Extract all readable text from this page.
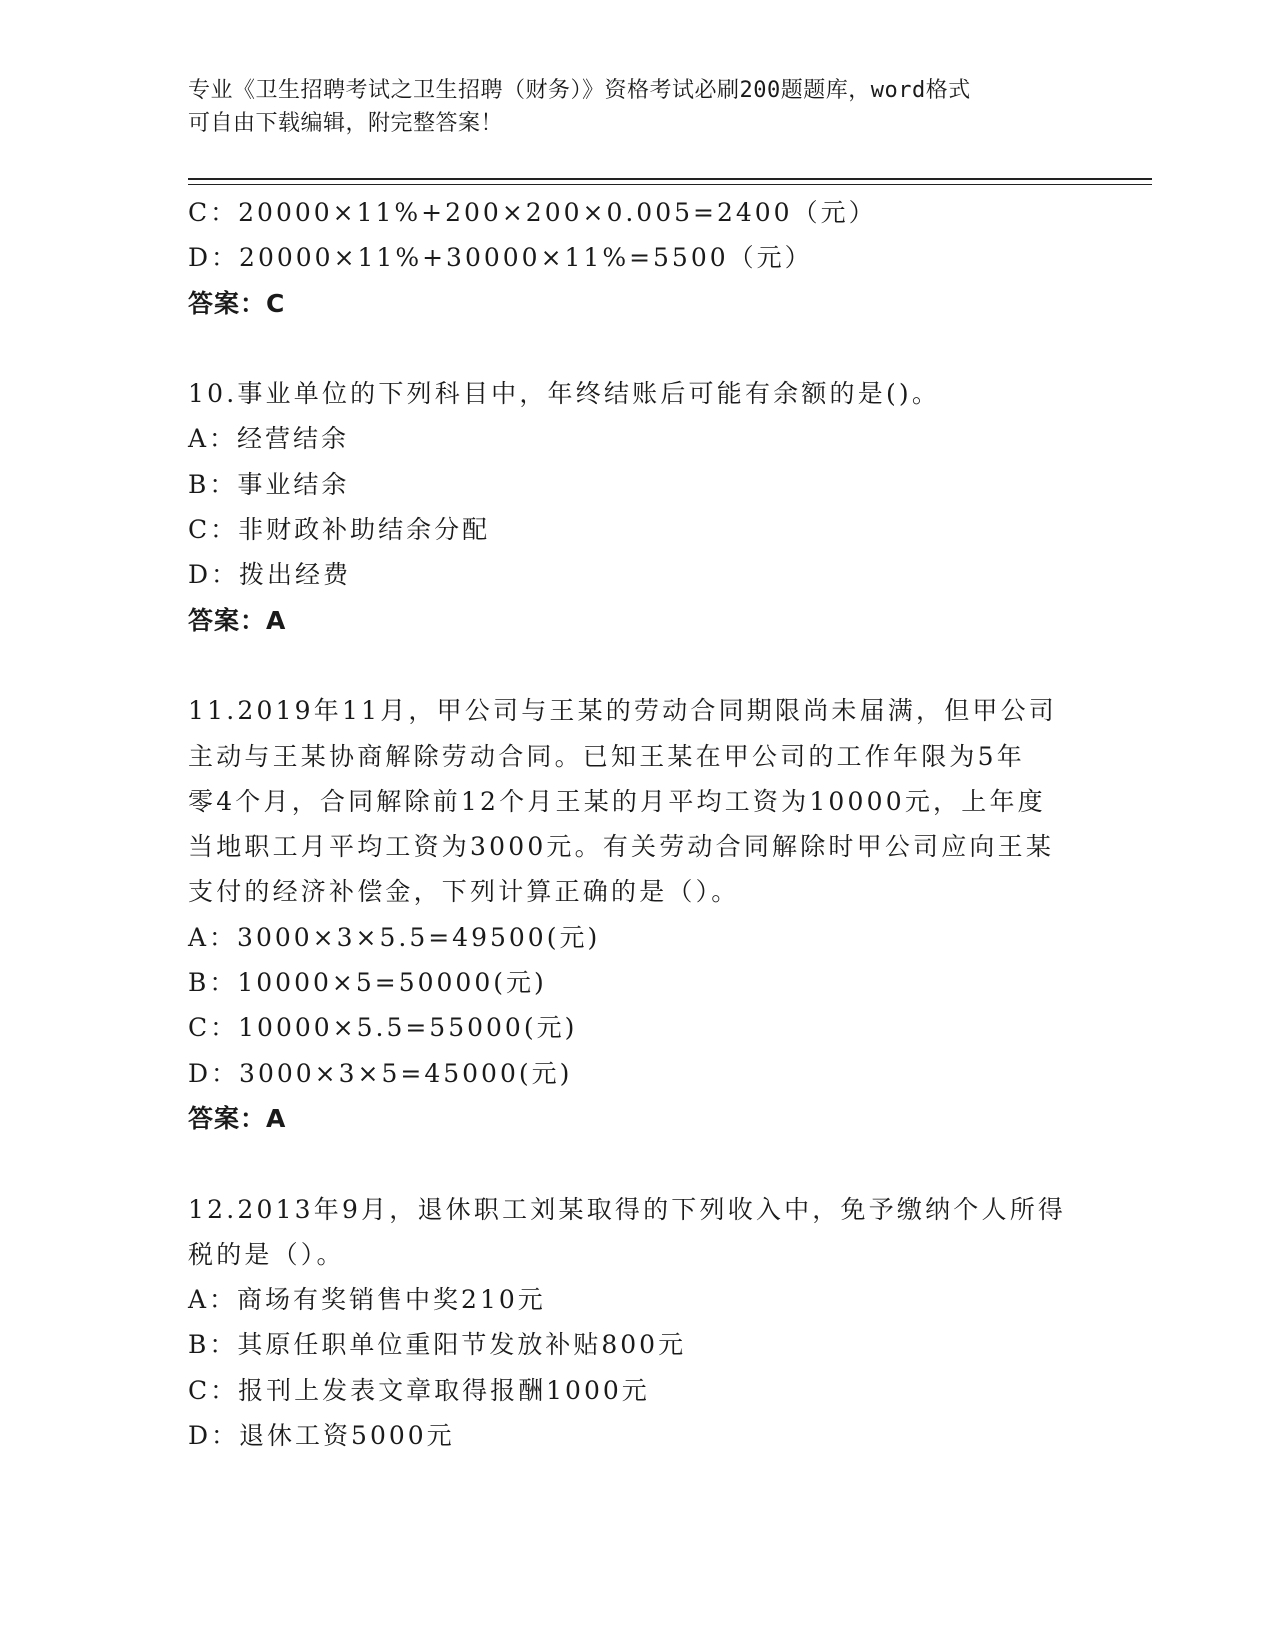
专业《卫生招聘考试之卫生招聘（财务）》资格考试必刷200题题库，word格式
可自由下载编辑，附完整答案！
C：20000×11%+200×200×0.005=2400（元）
D：20000×11%+30000×11%=5500（元）
答案：C
10.事业单位的下列科目中，年终结账后可能有余额的是()。
A：经营结余
B：事业结余
C：非财政补助结余分配
D：拨出经费
答案：A
11.2019年11月，甲公司与王某的劳动合同期限尚未届满，但甲公司
主动与王某协商解除劳动合同。已知王某在甲公司的工作年限为5年
零4个月，合同解除前12个月王某的月平均工资为10000元，上年度
当地职工月平均工资为3000元。有关劳动合同解除时甲公司应向王某
支付的经济补偿金，下列计算正确的是（）。
A：3000×3×5.5=49500(元)
B：10000×5=50000(元)
C：10000×5.5=55000(元)
D：3000×3×5=45000(元)
答案：A
12.2013年9月，退休职工刘某取得的下列收入中，免予缴纳个人所得
税的是（）。
A：商场有奖销售中奖210元
B：其原任职单位重阳节发放补贴800元
C：报刊上发表文章取得报酬1000元
D：退休工资5000元
